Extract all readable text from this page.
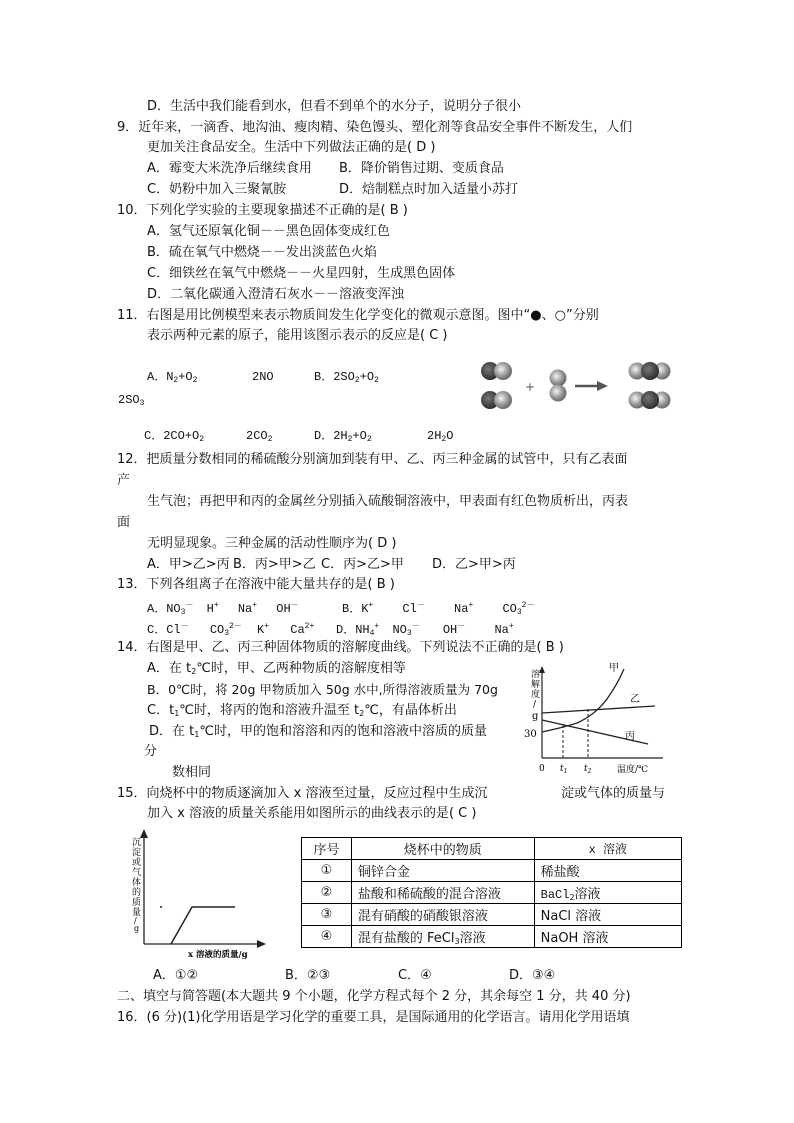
D．生活中我们能看到水，但看不到单个的水分子，说明分子很小
9．近年来，一滴香、地沟油、瘦肉精、染色馒头、塑化剂等食品安全事件不断发生，人们
更加关注食品安全。生活中下列做法正确的是( D )
A．霉变大米洗净后继续食用 B．降价销售过期、变质食品
C．奶粉中加入三聚氰胺	D．焙制糕点时加入适量小苏打
10．下列化学实验的主要现象描述不正确的是( B )
A．氢气还原氧化铜－－黑色固体变成红色
B．硫在氧气中燃烧－－发出淡蓝色火焰
C．细铁丝在氧气中燃烧－－火星四射，生成黑色固体
D．二氧化碳通入澄清石灰水－－溶液变浑浊
11．右图是用比例模型来表示物质间发生化学变化的微观示意图。图中“●、○”分别
表示两种元素的原子，能用该图示表示的反应是( C )
A．$N_2+O_2$	2NO	B．$2SO_2+O_2$
$2SO_3$
C．$2CO+O_2$	$2CO_2$	D．$2H_2+O_2$	$2H_2O$
+
12．把质量分数相同的稀硫酸分别滴加到装有甲、乙、丙三种金属的试管中，只有乙表面
产
生气泡；再把甲和丙的金属丝分别插入硫酸铜溶液中，甲表面有红色物质析出，丙表
面
无明显现象。三种金属的活动性顺序为( D )
A．甲>乙>丙 B．丙>甲>乙 C．丙>乙>甲 D．乙>甲>丙
13．下列各组离子在溶液中能大量共存的是( B )
A．$NO_3^-$ H+ Na+ OH－	B．K+ Cl－ Na+ $CO_3^{2-}$
C．Cl－ $CO_3^{2-}$ K+ $Ca^{2+}$ D．$NH_4^+$ $NO_3^-$ OH－ Na+
14．右图是甲、乙、丙三种固体物质的溶解度曲线。下列说法不正确的是( B )
A．在 $t_2℃$时，甲、乙两种物质的溶解度相等
B．0℃时，将 20g 甲物质加入 50g 水中,所得溶液质量为 70g
C．$t_1℃$时，将丙的饱和溶液升温至 $t_2℃$，有晶体析出
D．在 $t_1℃$时，甲的饱和溶溶和丙的饱和溶液中溶质的质量
分
数相同
溶
解
度
/
g
30
0 $t_1$ $t_2$	温度/℃
甲
乙
丙
15．向烧杯中的物质逐滴加入 x 溶液至过量，反应过程中生成沉	淀或气体的质量与
加入 x 溶液的质量关系能用如图所示的曲线表示的是( C )
沉
淀
或
气
体
的
质
量
/
g
x 溶液的质量/g
序号	烧杯中的物质	x 溶液
①	铜锌合金	稀盐酸
②	盐酸和稀硫酸的混合溶液	BaCl$_2$溶液
③	混有硝酸的硝酸银溶液	NaCl 溶液
④	混有盐酸的 FeCl$_3$溶液	NaOH 溶液
A．①②	B．②③	C．④	D．③④
二、填空与简答题(本大题共 9 个小题，化学方程式每个 2 分，其余每空 1 分，共 40 分)
16．(6 分)(1)化学用语是学习化学的重要工具，是国际通用的化学语言。请用化学用语填
